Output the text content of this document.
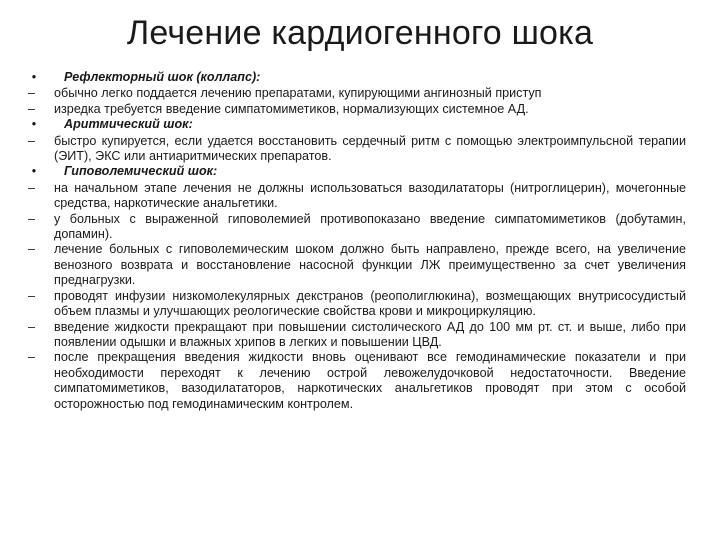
Лечение кардиогенного шока
•	Рефлекторный шок (коллапс):
– обычно легко поддается лечению препаратами, купирующими ангинозный приступ
– изредка требуется введение симпатомиметиков, нормализующих системное АД.
•	Аритмический шок:
– быстро купируется, если удается восстановить сердечный ритм с помощью электроимпульсной терапии (ЭИТ), ЭКС или антиаритмических препаратов.
•	Гиповолемический шок:
– на начальном этапе лечения не должны использоваться вазодилататоры (нитроглицерин), мочегонные средства, наркотические анальгетики.
– у больных с выраженной гиповолемией противопоказано введение симпатомиметиков (добутамин, допамин).
– лечение больных с гиповолемическим шоком должно быть направлено, прежде всего, на увеличение венозного возврата и восстановление насосной функции ЛЖ преимущественно за счет увеличения преднагрузки.
– проводят инфузии низкомолекулярных декстранов (реополиглюкина), возмещающих внутрисосудистый объем плазмы и улучшающих реологические свойства крови и микроциркуляцию.
– введение жидкости прекращают при повышении систолического АД до 100 мм рт. ст. и выше, либо при появлении одышки и влажных хрипов в легких и повышении ЦВД.
– после прекращения введения жидкости вновь оценивают все гемодинамические показатели и при необходимости переходят к лечению острой левожелудочковой недостаточности. Введение симпатомиметиков, вазодилататоров, наркотических анальгетиков проводят при этом с особой осторожностью под гемодинамическим контролем.
